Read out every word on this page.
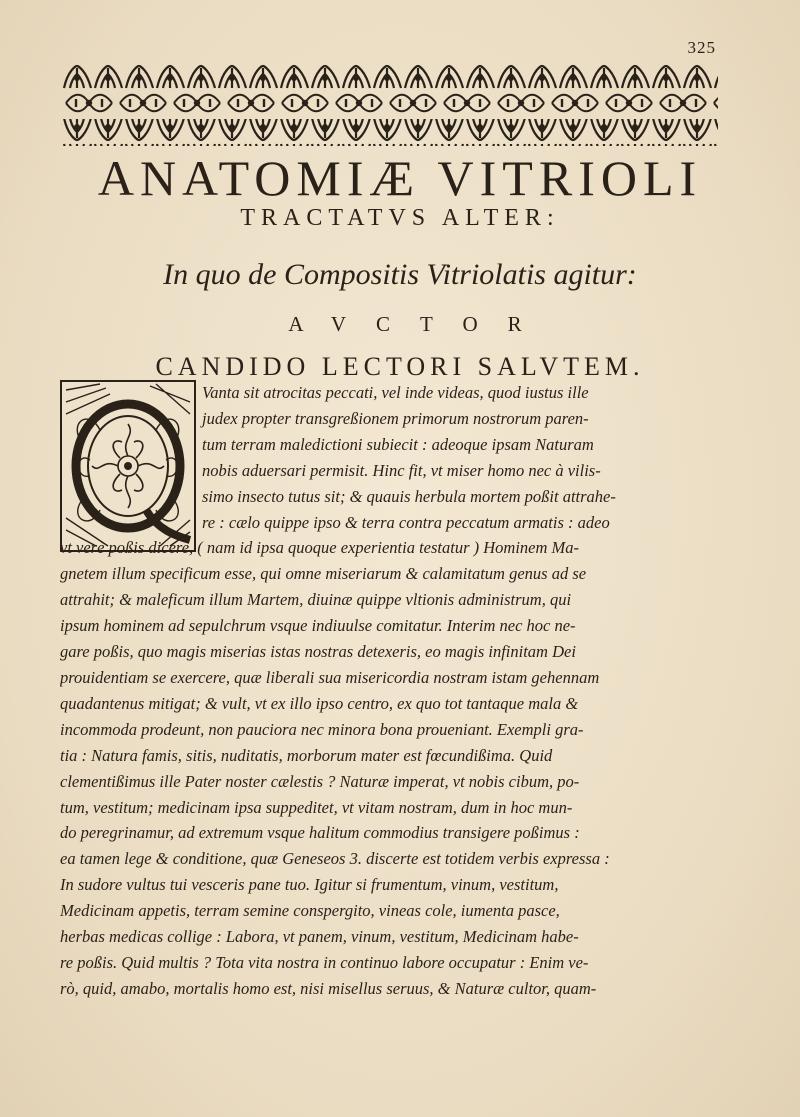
325
ANATOMIÆ VITRIOLI
TRACTATVS ALTER:
In quo de Compositis Vitriolatis agitur:
AVCTOR
CANDIDO LECTORI SALVTEM.
Vanta sit atrocitas peccati, vel inde videas, quod iustus ille
judex propter transgreßionem primorum nostrorum paren-
tum terram maledictioni subiecit : adeoque ipsam Naturam
nobis aduersari permisit. Hinc fit, vt miser homo nec à vilis-
simo insecto tutus sit; & quauis herbula mortem poßit attrahe-
re : cælo quippe ipso & terra contra peccatum armatis : adeo
vt verè poßis dicere, ( nam id ipsa quoque experientia testatur ) Hominem Ma-
gnetem illum specificum esse, qui omne miseriarum & calamitatum genus ad se
attrahit; & maleficum illum Martem, diuinæ quippe vltionis administrum, qui
ipsum hominem ad sepulchrum vsque indiuulse comitatur. Interim nec hoc ne-
gare poßis, quo magis miserias istas nostras detexeris, eo magis infinitam Dei
prouidentiam se exercere, quæ liberali sua misericordia nostram istam gehennam
quadantenus mitigat; & vult, vt ex illo ipso centro, ex quo tot tantaque mala &
incommoda prodeunt, non pauciora nec minora bona proueniant. Exempli gra-
tia : Natura famis, sitis, nuditatis, morborum mater est fœcundißima. Quid
clementißimus ille Pater noster cælestis ? Naturæ imperat, vt nobis cibum, po-
tum, vestitum; medicinam ipsa suppeditet, vt vitam nostram, dum in hoc mun-
do peregrinamur, ad extremum vsque halitum commodius transigere poßimus :
ea tamen lege & conditione, quæ Geneseos 3. discerte est totidem verbis expressa :
In sudore vultus tui vesceris pane tuo. Igitur si frumentum, vinum, vestitum,
Medicinam appetis, terram semine conspergito, vineas cole, iumenta pasce,
herbas medicas collige : Labora, vt panem, vinum, vestitum, Medicinam habe-
re poßis. Quid multis ? Tota vita nostra in continuo labore occupatur : Enim ve-
rò, quid, amabo, mortalis homo est, nisi misellus seruus, & Naturæ cultor, quam-
